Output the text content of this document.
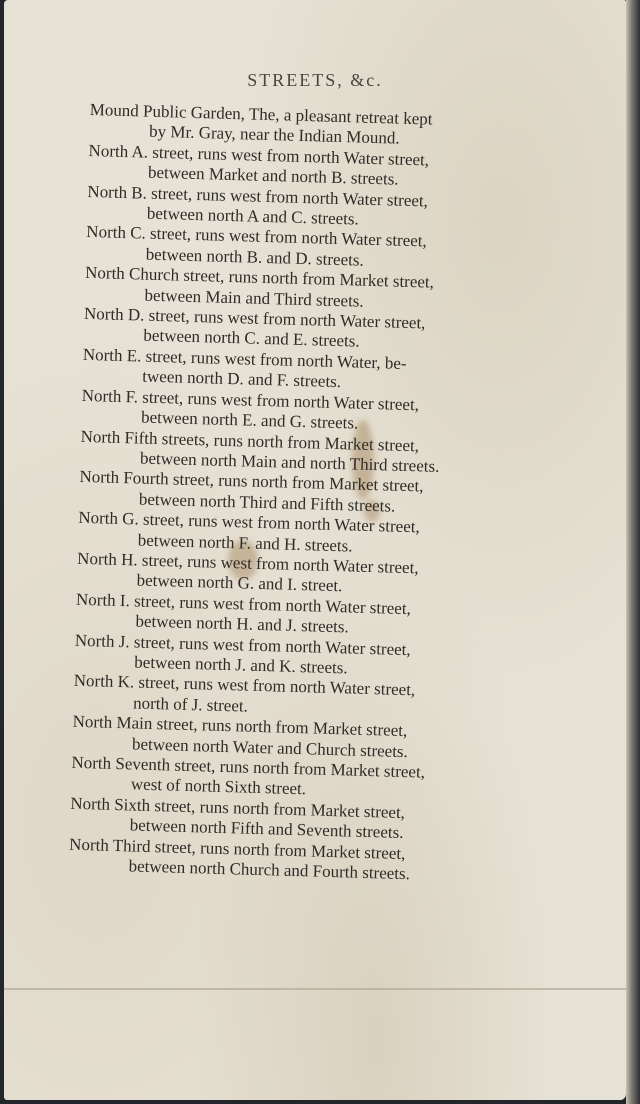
STREETS, &c.

Mound Public Garden, The, a pleasant retreat kept
by Mr. Gray, near the Indian Mound.

North A. street, runs west from north Water street,
between Market and north B. streets.

North B. street, runs west from north Water street,
between north A and C. streets.

North C. street, runs west from north Water street,
between north B. and D. streets.

North Church street, runs north from Market street,
between Main and Third streets.

North D. street, runs west from north Water street,
between north C. and E. streets.

North E. street, runs west from north Water, be-
tween north D. and F. streets.

North F. street, runs west from north Water street,
between north E. and G. streets.

North Fifth streets, runs north from Market street,
between north Main and north Third streets.

North Fourth street, runs north from Market street,
between north Third and Fifth streets.

North G. street, runs west from north Water street,
between north F. and H. streets.

North H. street, runs west from north Water street,
between north G. and I. street.

North I. street, runs west from north Water street,
between north H. and J. streets.

North J. street, runs west from north Water street,
between north J. and K. streets.

North K. street, runs west from north Water street,
north of J. street.

North Main street, runs north from Market street,
between north Water and Church streets.

North Seventh street, runs north from Market street,
west of north Sixth street.

North Sixth street, runs north from Market street,
between north Fifth and Seventh streets.

North Third street, runs north from Market street,
between north Church and Fourth streets.
